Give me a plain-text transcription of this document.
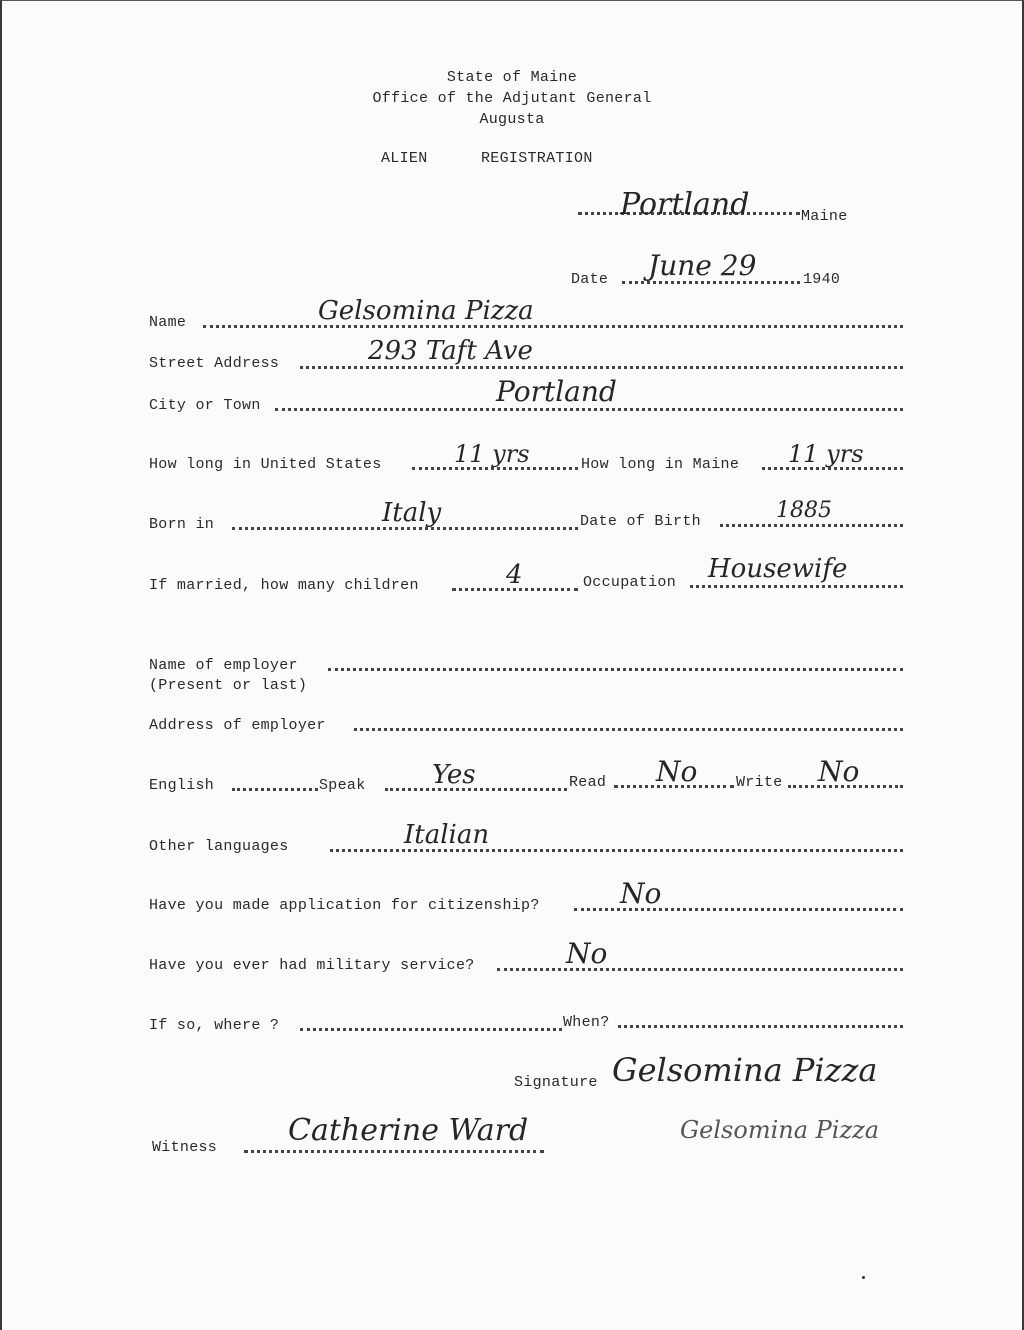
State of Maine
Office of the Adjutant General
Augusta
ALIEN	REGISTRATION
Portland	Maine
Date June 29	1940
Name	Gelsomina Pizza
Street Address	293 Taft Ave
City or Town	Portland
How long in United States	11 yrs	How long in Maine 11 yrs
Born in	Italy	Date of Birth	1885
If married, how many children	4	Occupation Housewife
Name of employer
(Present or last)
Address of employer
English	Speak	Yes	Read No	Write No
Other languages	Italian
Have you made application for citizenship?	No
Have you ever had military service?	No
If so, where ?	When?
Signature Gelsomina Pizza
Gelsomina Pizza
Witness Catherine Ward
